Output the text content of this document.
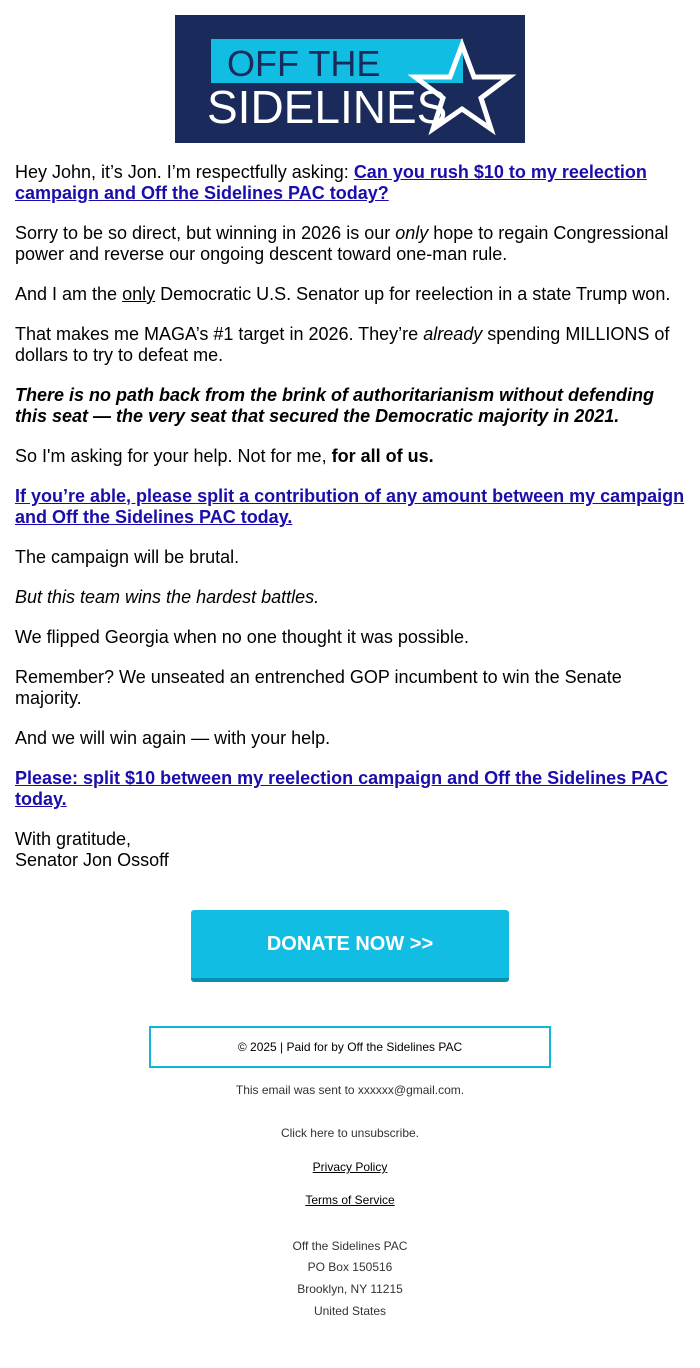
OFF THE
SIDELINES

Hey John, it’s Jon. I’m respectfully asking: Can you rush $10 to my reelection campaign and Off the Sidelines PAC today?

Sorry to be so direct, but winning in 2026 is our only hope to regain Congressional power and reverse our ongoing descent toward one-man rule.

And I am the only Democratic U.S. Senator up for reelection in a state Trump won.

That makes me MAGA’s #1 target in 2026. They’re already spending MILLIONS of dollars to try to defeat me.

There is no path back from the brink of authoritarianism without defending this seat — the very seat that secured the Democratic majority in 2021.

So I'm asking for your help. Not for me, for all of us.

If you’re able, please split a contribution of any amount between my campaign and Off the Sidelines PAC today.

The campaign will be brutal.

But this team wins the hardest battles.

We flipped Georgia when no one thought it was possible.

Remember? We unseated an entrenched GOP incumbent to win the Senate majority.

And we will win again — with your help.

Please: split $10 between my reelection campaign and Off the Sidelines PAC today.

With gratitude,
Senator Jon Ossoff

DONATE NOW >>
© 2025 | Paid for by Off the Sidelines PAC
This email was sent to xxxxxx@gmail.com.
Click here to unsubscribe.
Privacy Policy
Terms of Service
Off the Sidelines PAC
PO Box 150516
Brooklyn, NY 11215
United States
